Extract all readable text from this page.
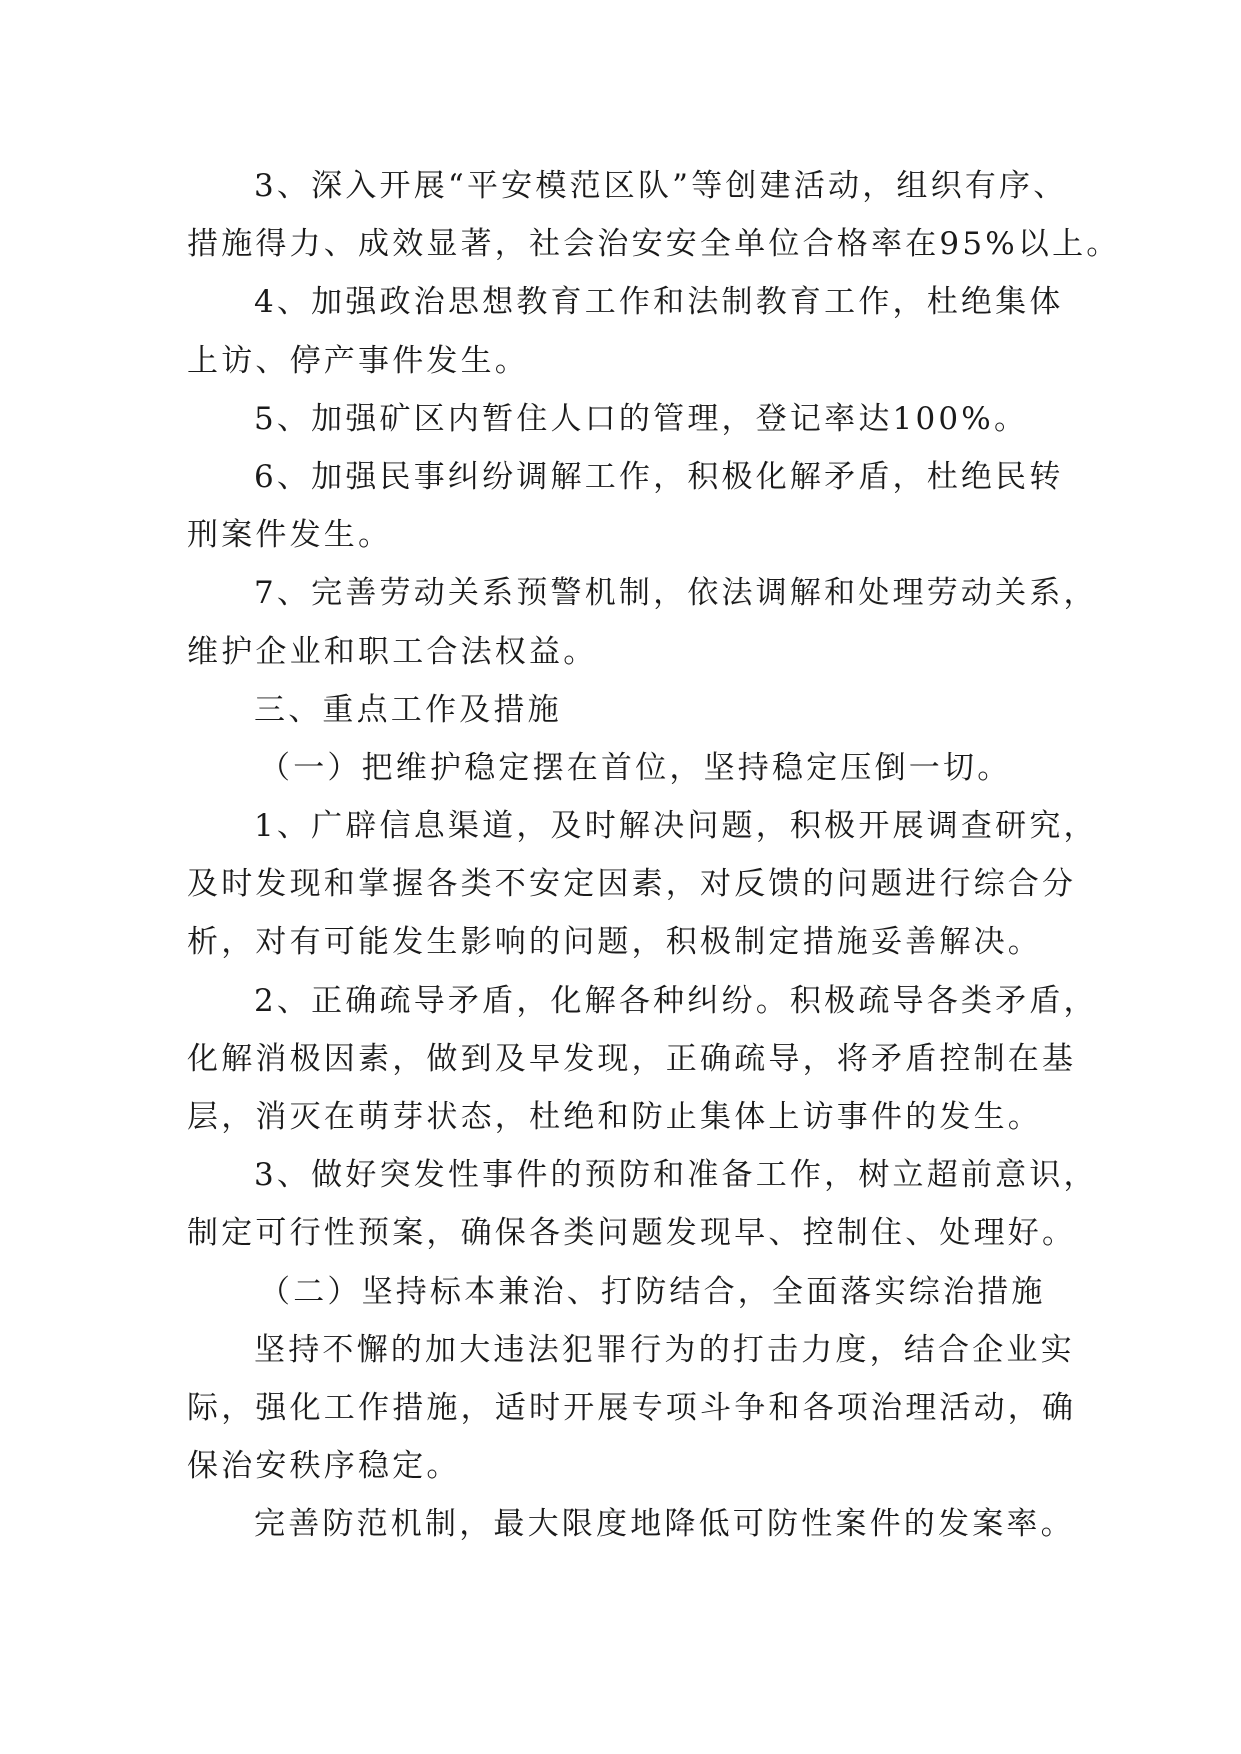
3、深入开展“平安模范区队”等创建活动，组织有序、
措施得力、成效显著，社会治安安全单位合格率在95%以上。
4、加强政治思想教育工作和法制教育工作，杜绝集体
上访、停产事件发生。
5、加强矿区内暂住人口的管理，登记率达100%。
6、加强民事纠纷调解工作，积极化解矛盾，杜绝民转
刑案件发生。
7、完善劳动关系预警机制，依法调解和处理劳动关系，
维护企业和职工合法权益。
三、重点工作及措施
（一）把维护稳定摆在首位，坚持稳定压倒一切。
1、广辟信息渠道，及时解决问题，积极开展调查研究，
及时发现和掌握各类不安定因素，对反馈的问题进行综合分
析，对有可能发生影响的问题，积极制定措施妥善解决。
2、正确疏导矛盾，化解各种纠纷。积极疏导各类矛盾，
化解消极因素，做到及早发现，正确疏导，将矛盾控制在基
层，消灭在萌芽状态，杜绝和防止集体上访事件的发生。
3、做好突发性事件的预防和准备工作，树立超前意识，
制定可行性预案，确保各类问题发现早、控制住、处理好。
（二）坚持标本兼治、打防结合，全面落实综治措施
坚持不懈的加大违法犯罪行为的打击力度，结合企业实
际，强化工作措施，适时开展专项斗争和各项治理活动，确
保治安秩序稳定。
完善防范机制，最大限度地降低可防性案件的发案率。
